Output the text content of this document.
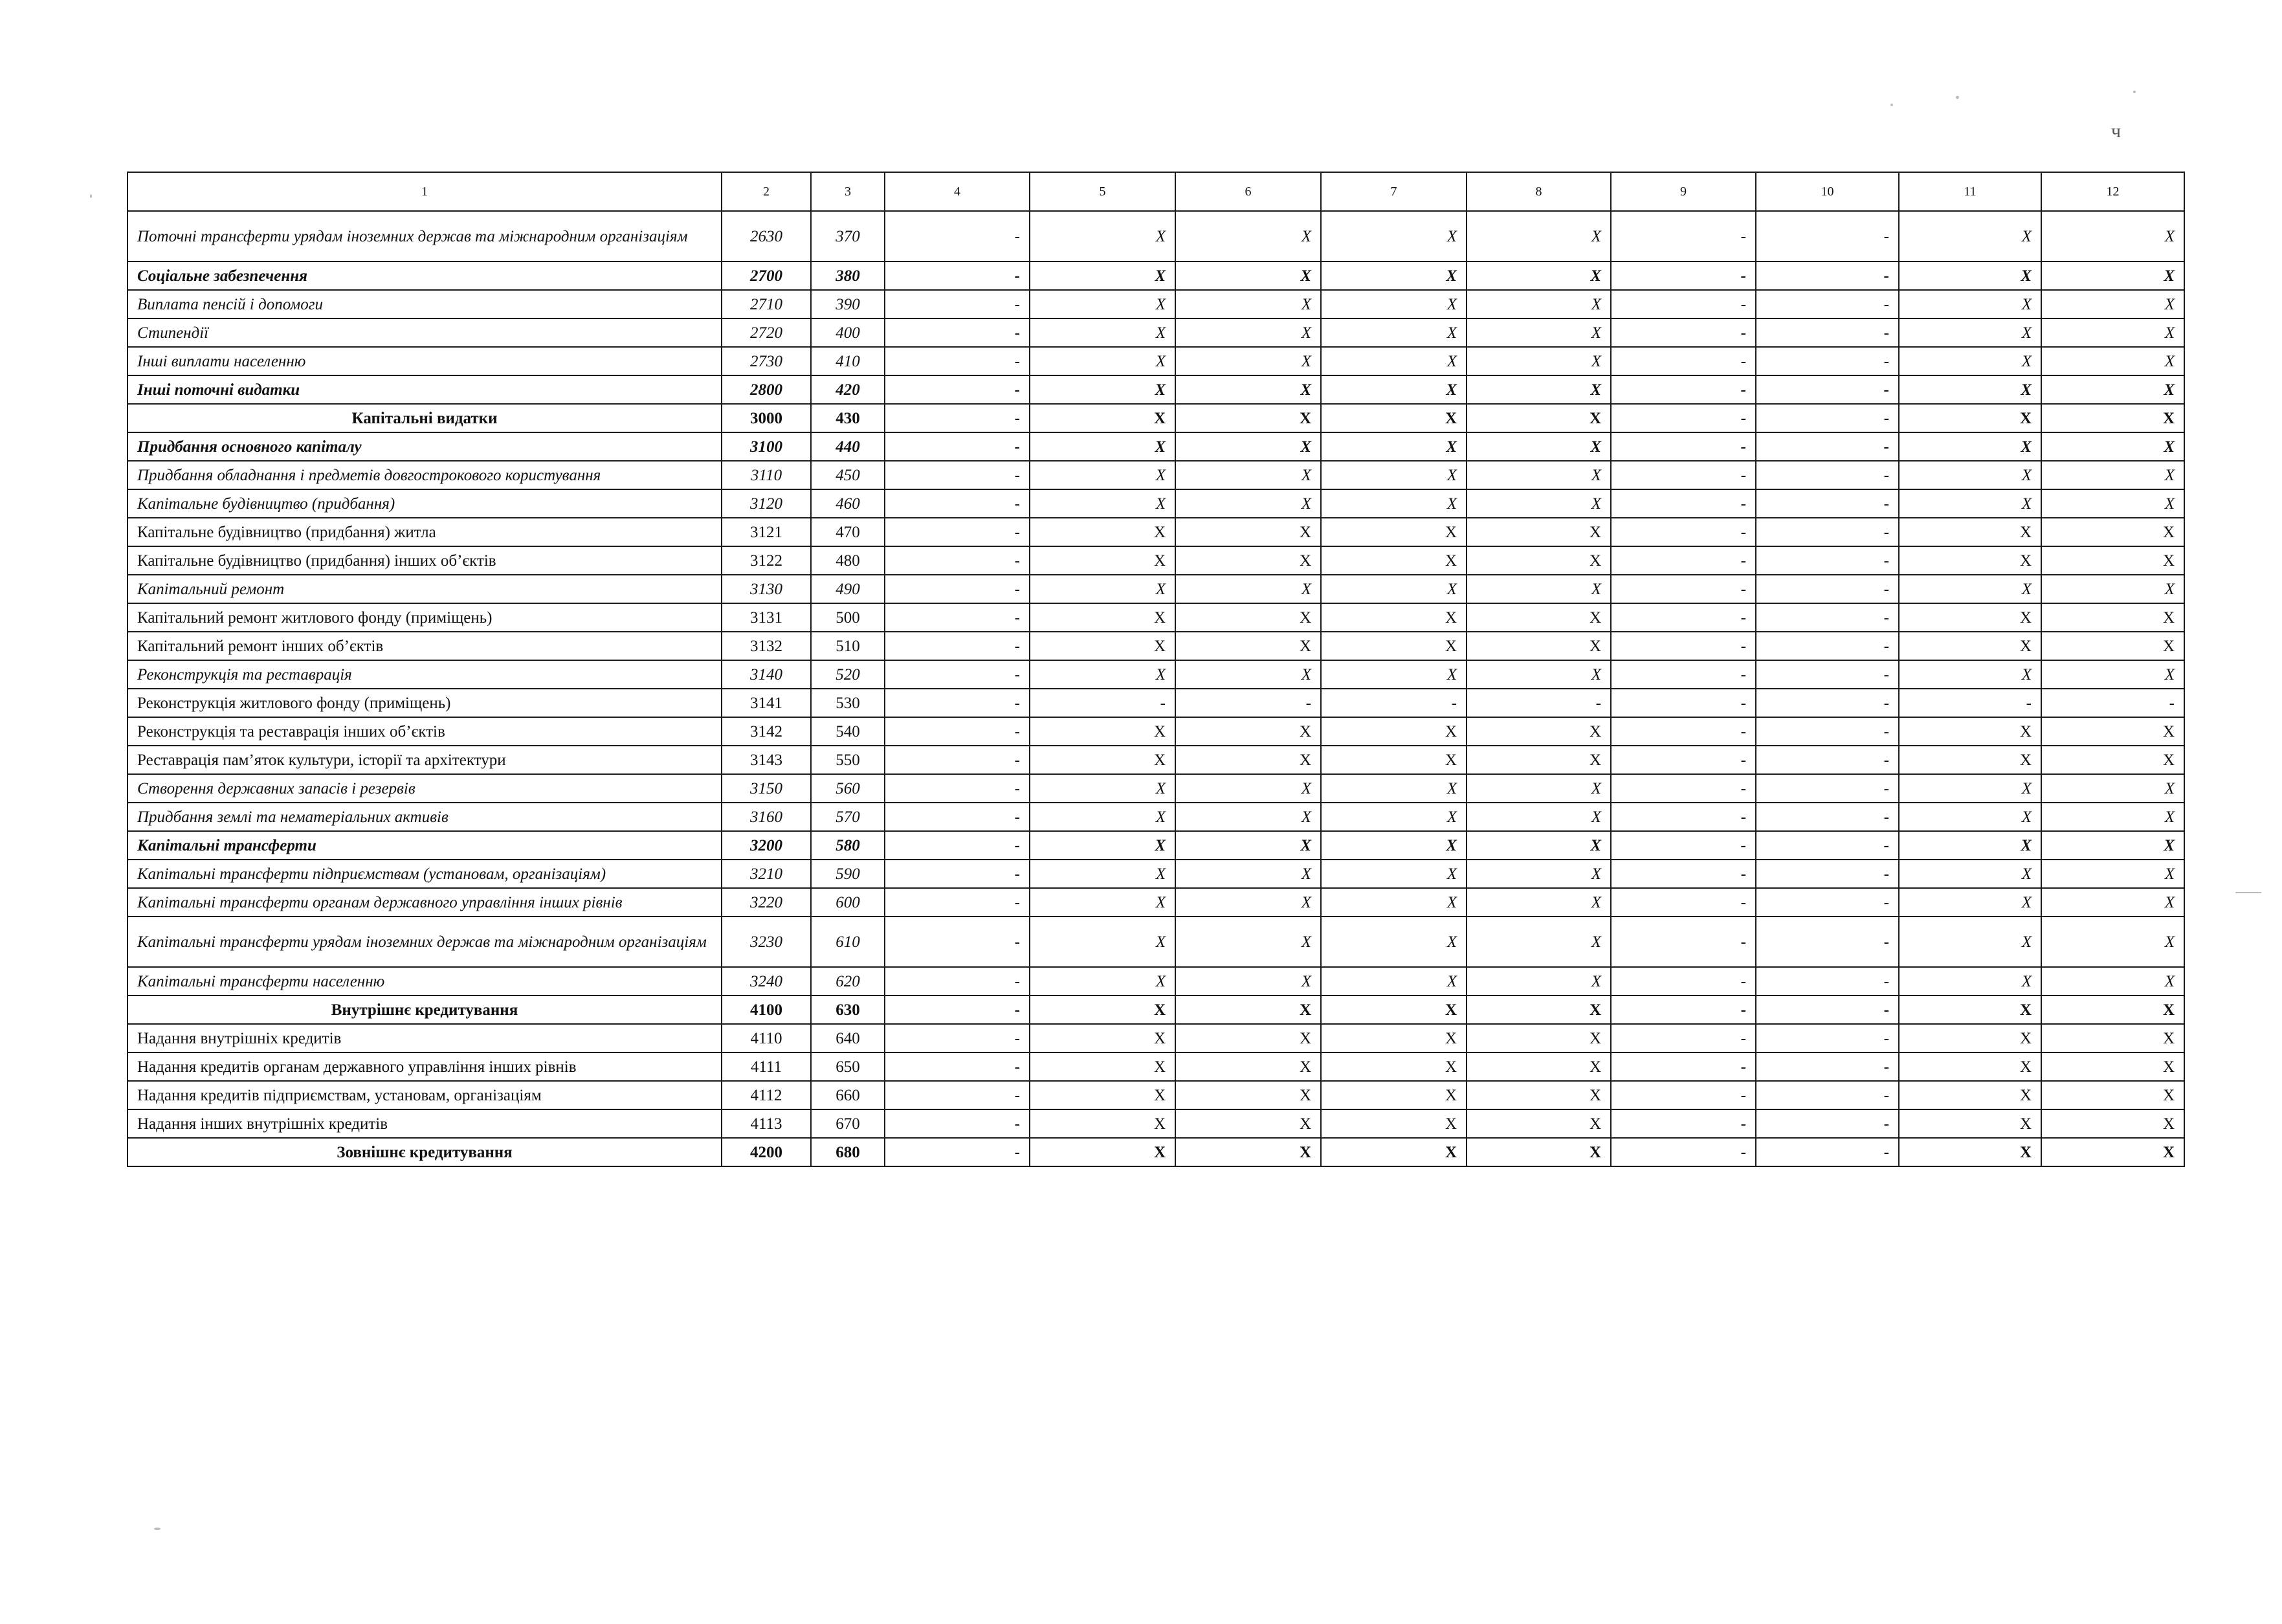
ч
1	2	3	4	5	6	7	8	9	10	11	12
Поточні трансферти урядам іноземних держав та міжнародним організаціям	2630	370	-	X	X	X	X	-	-	X	X
Соціальне забезпечення	2700	380	-	X	X	X	X	-	-	X	X
Виплата пенсій і допомоги	2710	390	-	X	X	X	X	-	-	X	X
Стипендії	2720	400	-	X	X	X	X	-	-	X	X
Інші виплати населенню	2730	410	-	X	X	X	X	-	-	X	X
Інші поточні видатки	2800	420	-	X	X	X	X	-	-	X	X
Капітальні видатки	3000	430	-	X	X	X	X	-	-	X	X
Придбання основного капіталу	3100	440	-	X	X	X	X	-	-	X	X
Придбання обладнання і предметів довгострокового користування	3110	450	-	X	X	X	X	-	-	X	X
Капітальне будівництво (придбання)	3120	460	-	X	X	X	X	-	-	X	X
Капітальне будівництво (придбання) житла	3121	470	-	X	X	X	X	-	-	X	X
Капітальне будівництво (придбання) інших об’єктів	3122	480	-	X	X	X	X	-	-	X	X
Капітальний ремонт	3130	490	-	X	X	X	X	-	-	X	X
Капітальний ремонт житлового фонду (приміщень)	3131	500	-	X	X	X	X	-	-	X	X
Капітальний ремонт інших об’єктів	3132	510	-	X	X	X	X	-	-	X	X
Реконструкція та реставрація	3140	520	-	X	X	X	X	-	-	X	X
Реконструкція житлового фонду (приміщень)	3141	530	-	-	-	-	-	-	-	-	-
Реконструкція та реставрація інших об’єктів	3142	540	-	X	X	X	X	-	-	X	X
Реставрація пам’яток культури, історії та архітектури	3143	550	-	X	X	X	X	-	-	X	X
Створення державних запасів і резервів	3150	560	-	X	X	X	X	-	-	X	X
Придбання землі та нематеріальних активів	3160	570	-	X	X	X	X	-	-	X	X
Капітальні трансферти	3200	580	-	X	X	X	X	-	-	X	X
Капітальні трансферти підприємствам (установам, організаціям)	3210	590	-	X	X	X	X	-	-	X	X
Капітальні трансферти органам державного управління інших рівнів	3220	600	-	X	X	X	X	-	-	X	X
Капітальні трансферти урядам іноземних держав та міжнародним організаціям	3230	610	-	X	X	X	X	-	-	X	X
Капітальні трансферти населенню	3240	620	-	X	X	X	X	-	-	X	X
Внутрішнє кредитування	4100	630	-	X	X	X	X	-	-	X	X
Надання внутрішніх кредитів	4110	640	-	X	X	X	X	-	-	X	X
Надання кредитів органам державного управління інших рівнів	4111	650	-	X	X	X	X	-	-	X	X
Надання кредитів підприємствам, установам, організаціям	4112	660	-	X	X	X	X	-	-	X	X
Надання інших внутрішніх кредитів	4113	670	-	X	X	X	X	-	-	X	X
Зовнішнє кредитування	4200	680	-	X	X	X	X	-	-	X	X
